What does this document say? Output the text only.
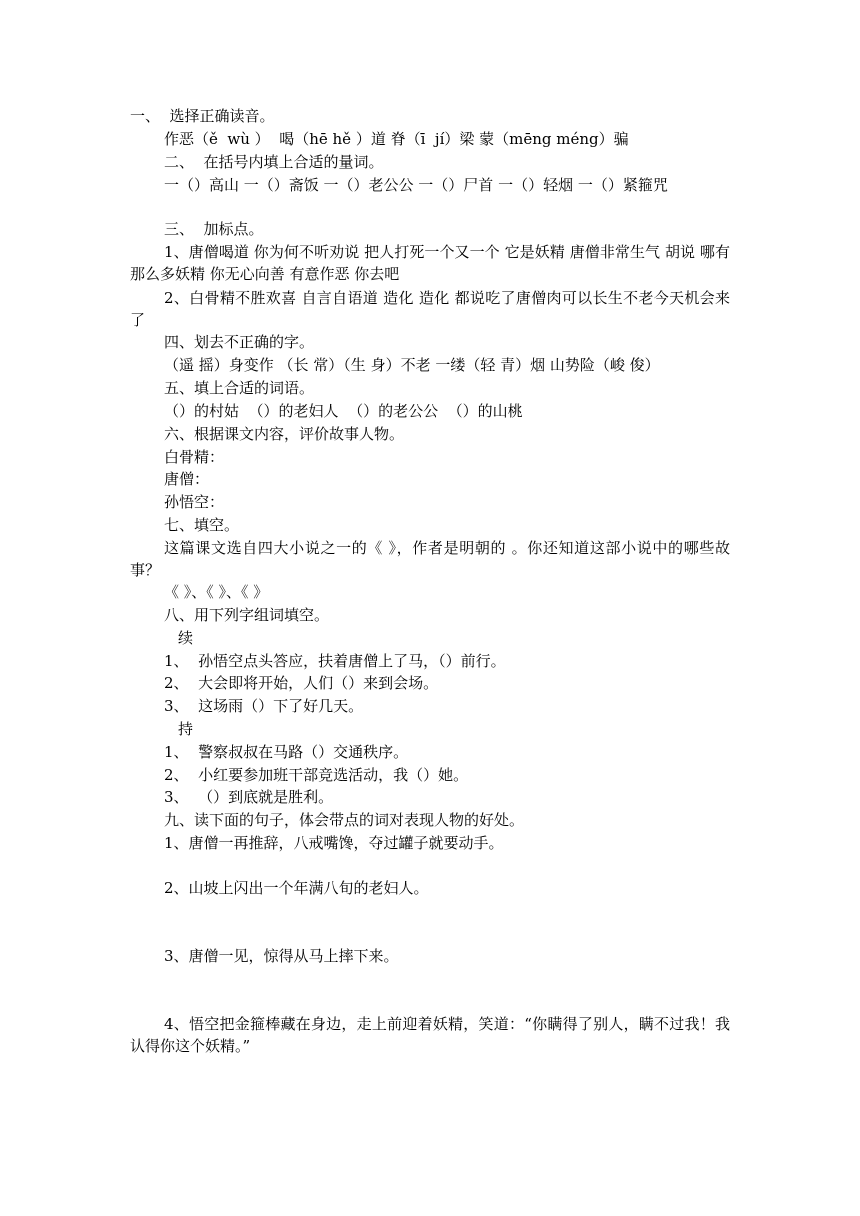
一、  选择正确读音。
作恶（ě  wù ）  喝（hē hě ）道 脊（ī  jí）梁 蒙（mēng méng）骗
二、  在括号内填上合适的量词。
一（）高山 一（）斋饭 一（）老公公 一（）尸首 一（）轻烟 一（）紧箍咒
三、  加标点。
1、唐僧喝道 你为何不听劝说 把人打死一个又一个 它是妖精 唐僧非常生气 胡说 哪有那么多妖精 你无心向善 有意作恶 你去吧
2、白骨精不胜欢喜 自言自语道 造化 造化 都说吃了唐僧肉可以长生不老今天机会来了
四、划去不正确的字。
（遥 摇）身变作 （长 常）（生 身）不老 一缕（轻 青）烟 山势险（峻 俊）
五、填上合适的词语。
（）的村姑  （）的老妇人  （）的老公公  （）的山桃
六、根据课文内容，评价故事人物。
白骨精：
唐僧：
孙悟空：
七、填空。
这篇课文选自四大小说之一的《 》，作者是明朝的 。你还知道这部小说中的哪些故事？
《 》、《 》、《 》
八、用下列字组词填空。
续
1、  孙悟空点头答应，扶着唐僧上了马，（）前行。
2、  大会即将开始，人们（）来到会场。
3、  这场雨（）下了好几天。
持
1、  警察叔叔在马路（）交通秩序。
2、  小红要参加班干部竞选活动，我（）她。
3、  （）到底就是胜利。
九、读下面的句子，体会带点的词对表现人物的好处。
1、唐僧一再推辞，八戒嘴馋，夺过罐子就要动手。
2、山坡上闪出一个年满八旬的老妇人。
3、唐僧一见，惊得从马上摔下来。
4、悟空把金箍棒藏在身边，走上前迎着妖精，笑道：“你瞒得了别人，瞒不过我！我认得你这个妖精。”
